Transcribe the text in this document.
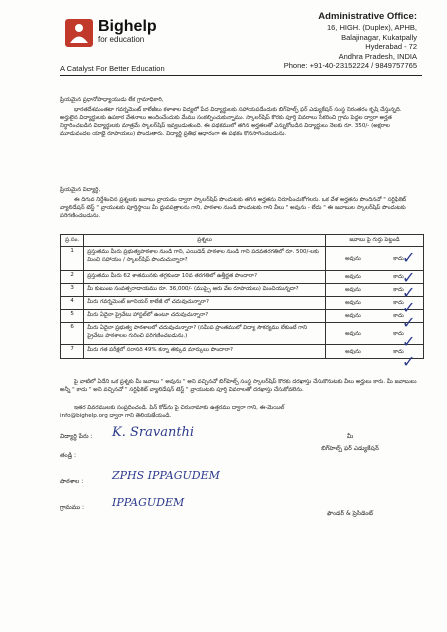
Bighelp
for education
A Catalyst For Better Education
Administrative Office:
16, HIGH. (Duplex), APHB,
Balajinagar, Kukatpally
Hyderabad - 72
Andhra Pradesh, INDIA
Phone: +91-40-23152224 / 9849757765
ప్రియమైన ప్రధానోపాధ్యాయుడు లేక గ్రామాధికారి,
భారతదేశమంతటా గవర్నమెంట్ కాలేజీలు కళాశాల విద్యలో పేద విద్యార్థులకు సహాయపడేందుకు బిగ్‌హెల్ప్ ఫర్ ఎడ్యుకేషన్ సంస్థ నిరంతరం కృషి చేస్తున్నది. అర్హులైన విద్యార్థులకు ఉపకార వేతనాలు అందించేందుకు మేము సంకల్పించుకున్నాము. స్కాలర్‌షిప్ కొరకు పూర్తి వివరాలు సేకరించి గ్రామ పెద్దల ద్వారా అర్హత నిర్ధారించబడిన విద్యార్థులకు మాత్రమే స్కాలర్‌షిప్ ఇవ్వబడుతుంది. ఈ పథకములో తగిన అర్హతలతో ఎన్నుకోబడిన విద్యార్థులు నెలకు రూ. 350/- (అక్షరాల మూడువందల యాభై రూపాయలు) పొందుతారు. విద్యార్థి ప్రతిభ ఆధారంగా ఈ పథకం కొనసాగించబడును.
ప్రియమైన విద్యార్థి,
ఈ దిగువ నిర్దేశించిన ప్రశ్నలకు జవాబు వ్రాయడం ద్వారా స్కాలర్‌షిప్ పొందుటకు తగిన అర్హతను నిరూపించుకోగలరు. ఒక వేళ అర్హతను పొందినచో " సర్టిఫికెట్ వ్యాలిడేషన్ టెస్ట్ " వ్రాయుటకు పూర్తిస్థాయి మీ ధ్రువపత్రాలను గాని, పాఠశాల నుండి పొందుటకు గాని వీలు " అవును - లేదు " ఈ జవాబుల స్కాలర్‌షిప్ పొందుటకు పరిగణించబడును.
ప్ర.సం.	ప్రశ్నలు	జవాబు పై గుర్తు పెట్టండి
1	ప్రస్తుతము మీరు ప్రభుత్వపాఠశాల నుండి గాని, ఎయిడెడ్ పాఠశాల నుండి గాని పదవతరగతిలో రూ. 500/-లకు మించి సహాయం / స్కాలర్‌షిప్ పొందుచున్నారా?	అవును కాదు

2	ప్రస్తుతము మీరు 62 శాతమునకు తగ్గకుండా 10వ తరగతిలో ఉత్తీర్ణత పొందారా?	అవును కాదు

3	మీ కుటుంబ సంవత్సరాదాయము రూ. 36,000/- (ముప్పై ఆరు వేల రూపాయలు) మించియున్నదా?	అవును కాదు

4	మీరు గవర్నమెంట్ జూనియర్ కాలేజీ లో చదువుచున్నారా?	అవును కాదు

5	మీరు ఏదైనా ప్రైవేటు హాస్టల్‌లో ఉంటూ చదువుచున్నారా?	అవును కాదు

6	మీరు ఏదైనా ప్రభుత్వ పాఠశాలలో చదువుచున్నారా? (సమీప ప్రాంతములో విద్యా సౌకర్యము లేకుంటే గాని ప్రైవేటు పాఠశాలల గురించి పరిగణించబడును.)	అవును కాదు

7	మీరు గత పరీక్షలో సరాసరి 49% కన్నా తక్కువ మార్కులు పొందారా?	అవును కాదు
✓
✓
✓
✓
✓
✓
✓
పై వాటిలో ఏదేని ఒక ప్రశ్నకు మీ జవాబు " అవును " అని వచ్చినచో బిగ్‌హెల్ప్ సంస్థ స్కాలర్‌షిప్ కొరకు దరఖాస్తు చేసుకొనుటకు వీలు అర్హులు కారు. మీ జవాబులు అన్నీ " కాదు " అని వచ్చినచో " సర్టిఫికెట్ వ్యాలిడేషన్ టెస్ట్ " వ్రాయుటకు పూర్తి వివరాలతో దరఖాస్తు చేసుకోవలెను.
ఇతర వివరములకు సంప్రదించండి. పిన్ కోడ్‌ను పై చిరునామాకు ఉత్తరము ద్వారా గాని, ఈ-మెయిల్
info@bighelp.org ద్వారా గాని తెలియజేయండి.
విద్యార్థి పేరు : K. Sravanthi
తండ్రి :
పాఠశాల :	ZPHS IPPAGUDEM
గ్రామము :	IPPAGUDEM
మీ
బిగ్‌హెల్ప్ ఫర్ ఎడ్యుకేషన్
ఫౌండర్ & ప్రెసిడెంట్
